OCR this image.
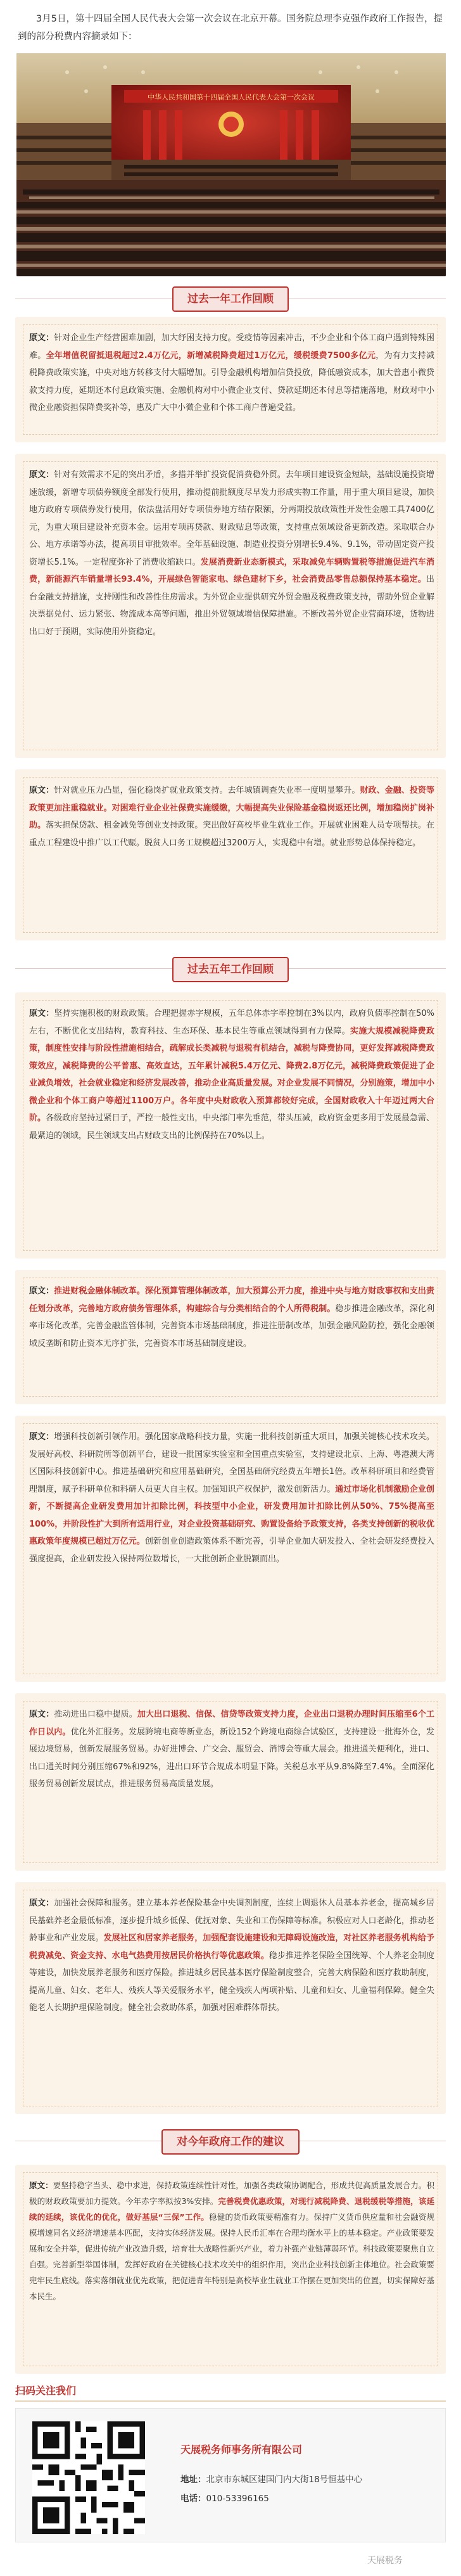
3月5日，第十四届全国人民代表大会第一次会议在北京开幕。国务院总理李克强作政府工作报告，提到的部分税费内容摘录如下：
中华人民共和国第十四届全国人民代表大会第一次会议
过去一年工作回顾
原文：针对企业生产经营困难加剧，加大纾困支持力度。受疫情等因素冲击，不少企业和个体工商户遇到特殊困难。全年增值税留抵退税超过2.4万亿元，新增减税降费超过1万亿元，缓税缓费7500多亿元，为有力支持减税降费政策实施，中央对地方转移支付大幅增加。引导金融机构增加信贷投放，降低融资成本，加大普惠小微贷款支持力度，延期还本付息政策实施、金融机构对中小微企业支付、贷款延期还本付息等措施落地，财政对中小微企业融资担保降费奖补等，惠及广大中小微企业和个体工商户普遍受益。
原文：针对有效需求不足的突出矛盾，多措并举扩投资促消费稳外贸。去年项目建设资金短缺，基础设施投资增速放缓，新增专项债券额度全部发行使用，推动提前批额度尽早发力形成实物工作量，用于重大项目建设，加快地方政府专项债券发行使用，依法盘活用好专项债券地方结存限额，分两期投放政策性开发性金融工具7400亿元，为重大项目建设补充资本金。运用专项再贷款、财政贴息等政策，支持重点领域设备更新改造。采取联合办公、地方承诺等办法，提高项目审批效率。全年基础设施、制造业投资分别增长9.4%、9.1%，带动固定资产投资增长5.1%。一定程度弥补了消费收缩缺口。发展消费新业态新模式，采取减免车辆购置税等措施促进汽车消费，新能源汽车销量增长93.4%，开展绿色智能家电、绿色建材下乡，社会消费品零售总额保持基本稳定。出台金融支持措施，支持刚性和改善性住房需求。为外贸企业提供研究外贸金融及税费政策支持，帮助外贸企业解决票据兑付、运力紧张、物流成本高等问题，推出外贸领域增信保障措施。不断改善外贸企业营商环境，货物进出口好于预期，实际使用外资稳定。
原文：针对就业压力凸显，强化稳岗扩就业政策支持。去年城镇调查失业率一度明显攀升。财政、金融、投资等政策更加注重稳就业。对困难行业企业社保费实施缓缴，大幅提高失业保险基金稳岗返还比例，增加稳岗扩岗补助。落实担保贷款、租金减免等创业支持政策。突出做好高校毕业生就业工作。开展就业困难人员专项帮扶。在重点工程建设中推广以工代赈。脱贫人口务工规模超过3200万人，实现稳中有增。就业形势总体保持稳定。
过去五年工作回顾
原文：坚持实施积极的财政政策。合理把握赤字规模，五年总体赤字率控制在3%以内，政府负债率控制在50%左右，不断优化支出结构，教育科技、生态环保、基本民生等重点领域得到有力保障。实施大规模减税降费政策，制度性安排与阶段性措施相结合，疏解成长类减税与退税有机结合，减税与降费协同，更好发挥减税降费政策效应，减税降费的公平普惠、高效直达，五年累计减税5.4万亿元、降费2.8万亿元，减税降费政策促进了企业减负增效，社会就业稳定和经济发展改善，推动企业高质量发展。对企业发展不同情况，分别施策，增加中小微企业和个体工商户等超过1100万户。各年度中央财政收入预算都较好完成，全国财政收入十年迈过两大台阶。各级政府坚持过紧日子，严控一般性支出，中央部门率先垂范，带头压减，政府资金更多用于发展最急需、最紧迫的领域，民生领域支出占财政支出的比例保持在70%以上。
原文：推进财税金融体制改革。深化预算管理体制改革，加大预算公开力度，推进中央与地方财政事权和支出责任划分改革，完善地方政府债务管理体系，构建综合与分类相结合的个人所得税制。稳步推进金融改革，深化利率市场化改革，完善金融监管体制，完善资本市场基础制度，推进注册制改革，加强金融风险防控，强化金融领域反垄断和防止资本无序扩张，完善资本市场基础制度建设。
原文：增强科技创新引领作用。强化国家战略科技力量，实施一批科技创新重大项目，加强关键核心技术攻关。发展好高校、科研院所等创新平台，建设一批国家实验室和全国重点实验室，支持建设北京、上海、粤港澳大湾区国际科技创新中心。推进基础研究和应用基础研究，全国基础研究经费五年增长1倍。改革科研项目和经费管理制度，赋予科研单位和科研人员更大自主权。加强知识产权保护，激发创新活力。通过市场化机制激励企业创新，不断提高企业研发费用加计扣除比例，科技型中小企业，研发费用加计扣除比例从50%、75%提高至100%，并阶段性扩大到所有适用行业，对企业投资基础研究、购置设备给予政策支持，各类支持创新的税收优惠政策年度规模已超过万亿元。创新创业创造政策体系不断完善，引导企业加大研发投入、全社会研发经费投入强度提高，企业研发投入保持两位数增长，一大批创新企业脱颖而出。
原文：推动进出口稳中提质。加大出口退税、信保、信贷等政策支持力度，企业出口退税办理时间压缩至6个工作日以内。优化外汇服务。发展跨境电商等新业态，新设152个跨境电商综合试验区，支持建设一批海外仓，发展边境贸易，创新发展服务贸易。办好进博会、广交会、服贸会、消博会等重大展会。推进通关便利化，进口、出口通关时间分别压缩67%和92%，进出口环节合规成本明显下降。关税总水平从9.8%降至7.4%。全面深化服务贸易创新发展试点，推进服务贸易高质量发展。
原文：加强社会保障和服务。建立基本养老保险基金中央调剂制度，连续上调退休人员基本养老金，提高城乡居民基础养老金最低标准，逐步提升城乡低保、优抚对象、失业和工伤保障等标准。积极应对人口老龄化，推动老龄事业和产业发展。发展社区和居家养老服务，加强配套设施建设和无障碍设施改造，对社区养老服务机构给予税费减免、资金支持、水电气热费用按居民价格执行等优惠政策。稳步推进养老保险全国统筹、个人养老金制度等建设，加快发展养老服务和医疗保险。推进城乡居民基本医疗保险制度整合，完善大病保险和医疗救助制度，提高儿童、妇女、老年人、残疾人等关爱服务水平，健全残疾人两项补贴、儿童和妇女、儿童福利保障。健全失能老人长期护理保险制度。健全社会救助体系，加强对困难群体帮扶。
对今年政府工作的建议
原文：要坚持稳字当头、稳中求进，保持政策连续性针对性，加强各类政策协调配合，形成共促高质量发展合力。积极的财政政策要加力提效。今年赤字率拟按3%安排。完善税费优惠政策，对现行减税降费、退税缓税等措施，该延续的延续，该优化的优化，做好基层“三保”工作。稳健的货币政策要精准有力。保持广义货币供应量和社会融资规模增速同名义经济增速基本匹配，支持实体经济发展。保持人民币汇率在合理均衡水平上的基本稳定。产业政策要发展和安全并举，促进传统产业改造升级，培育壮大战略性新兴产业，着力补强产业链薄弱环节。科技政策要聚焦自立自强。完善新型举国体制，发挥好政府在关键核心技术攻关中的组织作用，突出企业科技创新主体地位。社会政策要兜牢民生底线。落实落细就业优先政策，把促进青年特别是高校毕业生就业工作摆在更加突出的位置，切实保障好基本民生。
扫码关注我们
天展税务师事务所有限公司
地址：北京市东城区建国门内大街18号恒基中心
电话：010-53396165
天展税务
